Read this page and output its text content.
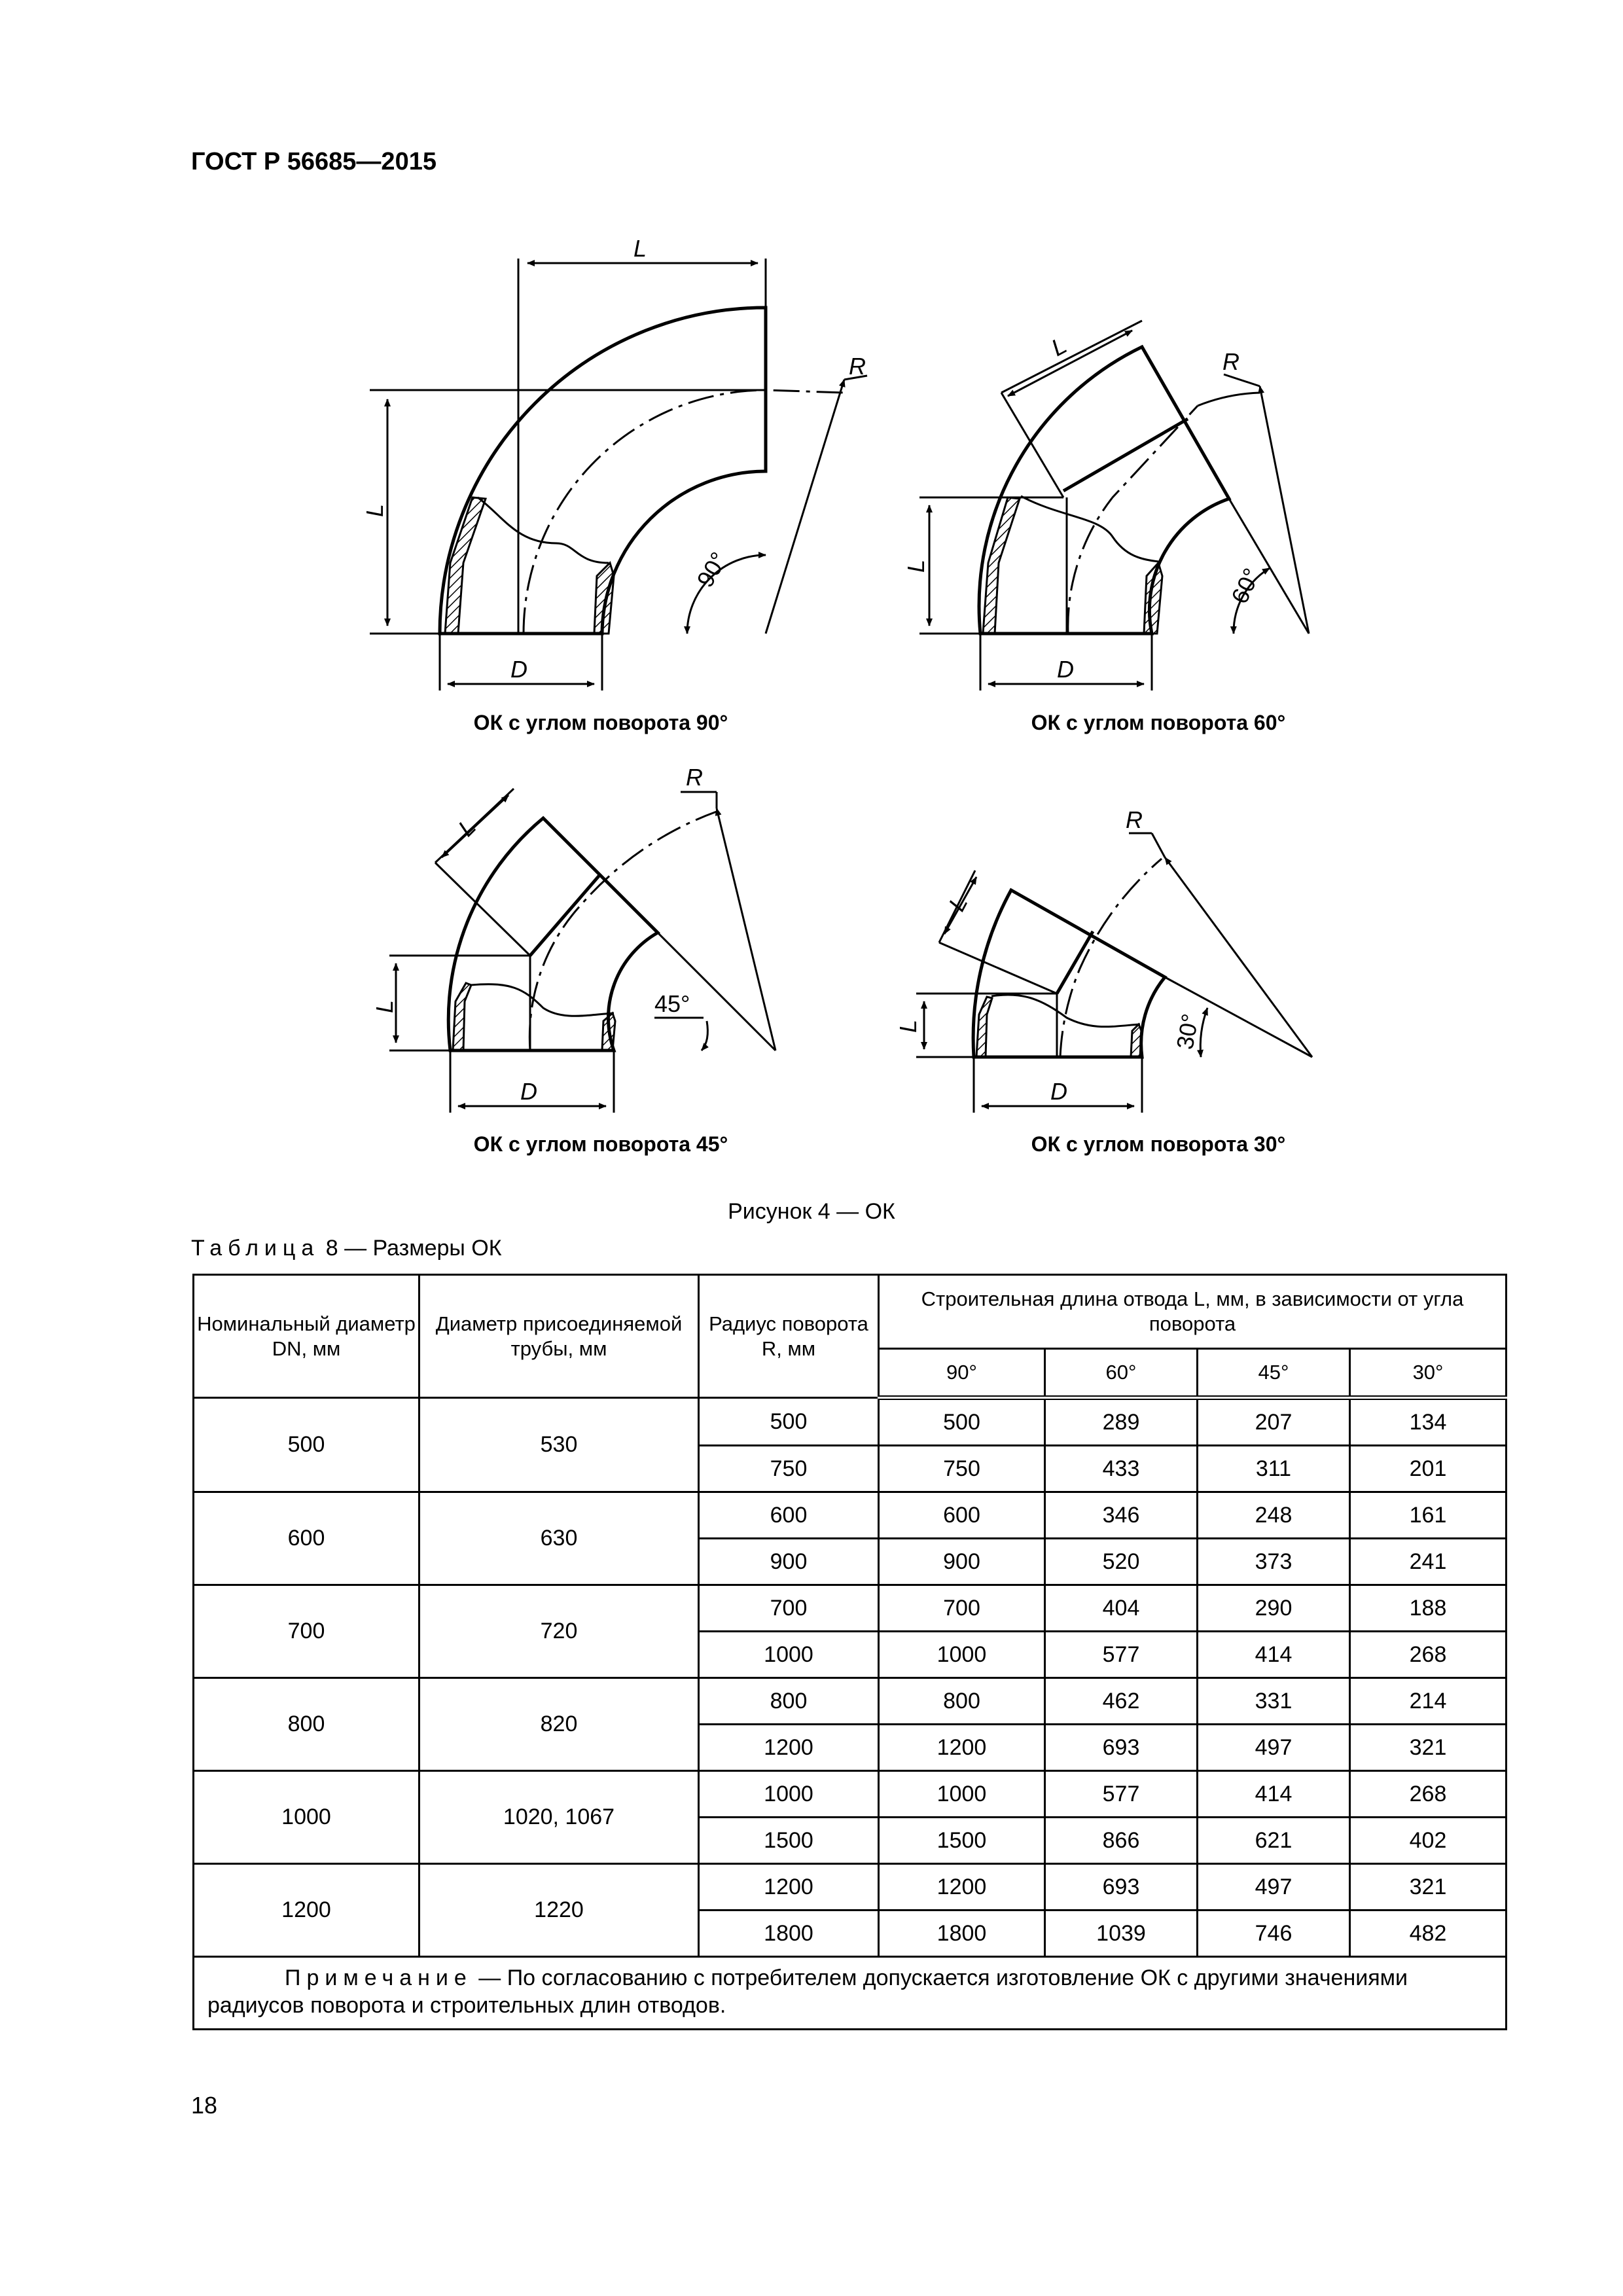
ГОСТ Р 56685—2015
L
L
D
R
90°
L
L
D
R
60°
L
L
D
R
45°
L
L
D
R
30°
ОК с углом поворота 90°	ОК с углом поворота 60°
ОК с углом поворота 45°	ОК с углом поворота 30°
Рисунок 4 — ОК
Таблица 8 — Размеры ОК
Номинальный диаметр DN, мм	Диаметр присоединяемой трубы, мм	Радиус поворота R, мм	Строительная длина отвода L, мм, в зависимости от угла поворота			
			90°	60°	45°	30°
500	530	500	500	289	207	134
		750	750	433	311	201
600	630	600	600	346	248	161
		900	900	520	373	241
700	720	700	700	404	290	188
		1000	1000	577	414	268
800	820	800	800	462	331	214
		1200	1200	693	497	321
1000	1020, 1067	1000	1000	577	414	268
		1500	1500	866	621	402
1200	1220	1200	1200	693	497	321
		1800	1800	1039	746	482
Примечание — По согласованию с потребителем допускается изготовление ОК с другими значениями радиусов поворота и строительных длин отводов.						
18
